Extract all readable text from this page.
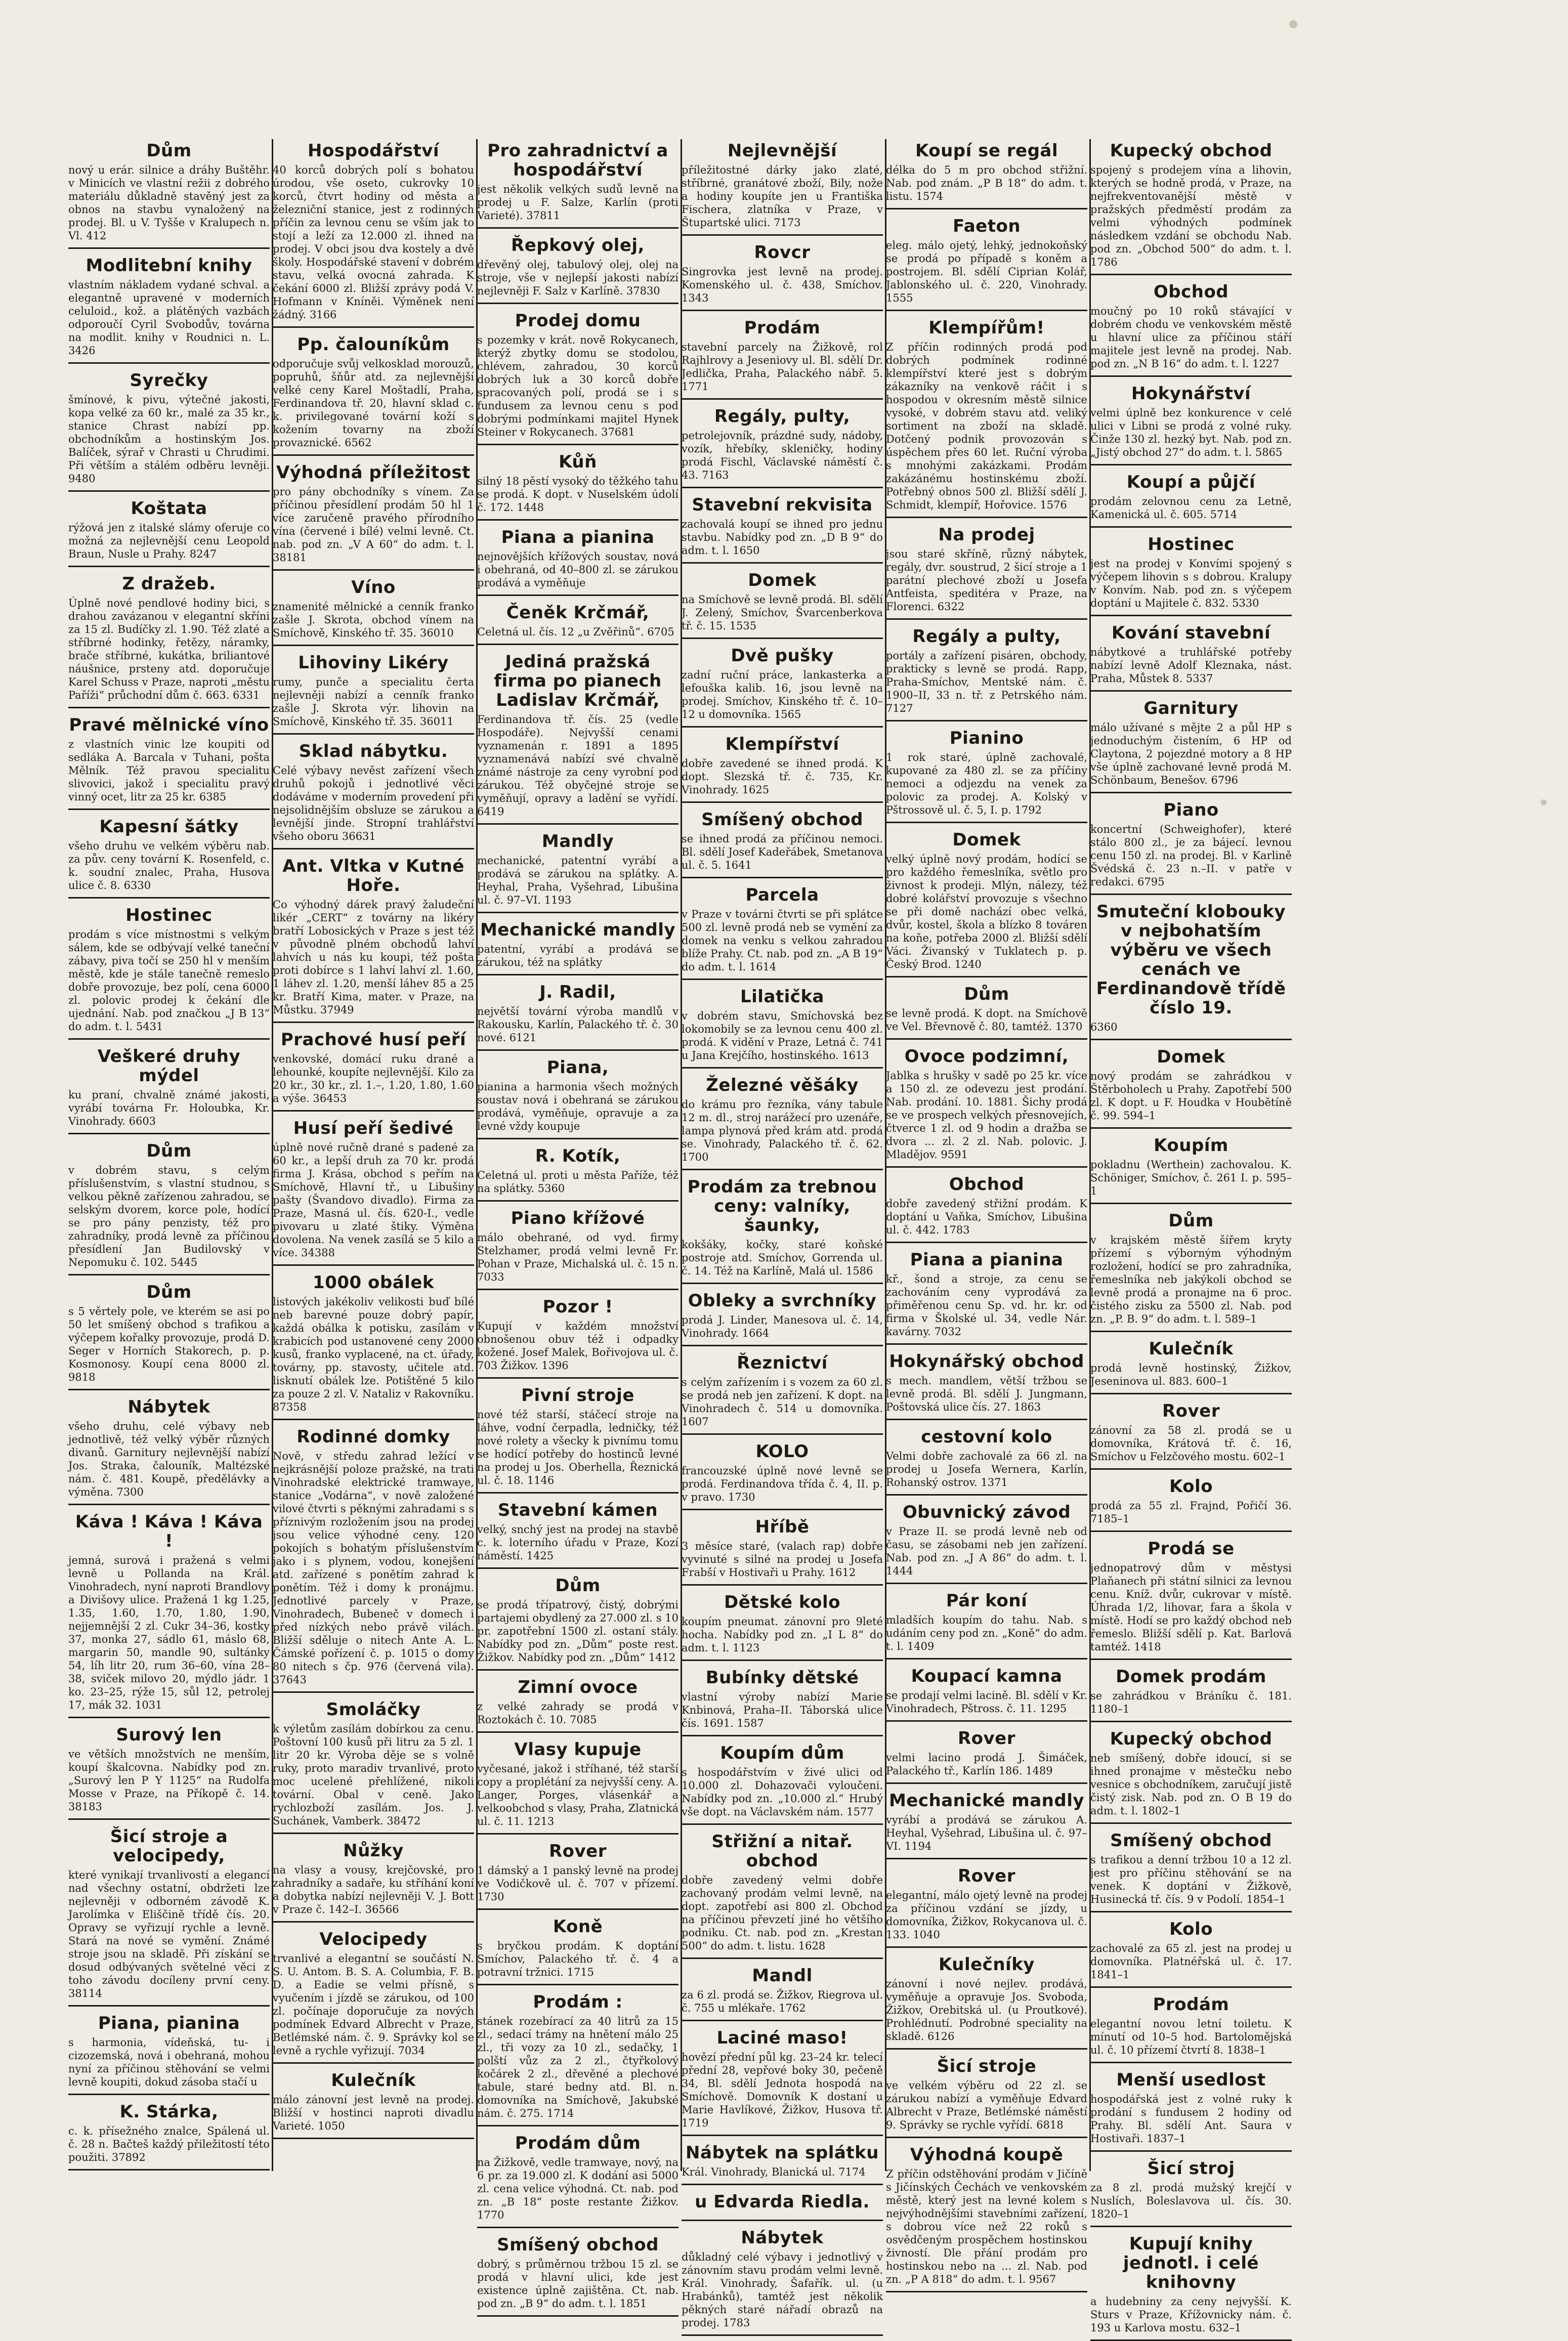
Dům

nový u erár. silnice a dráhy Buštěhr. v Minicích ve vlastní režii z dobrého materiálu důkladně stavěný jest za obnos na stavbu vynaložený na prodej. Bl. u V. Tyšše v Kralupech n. Vl. 412

Modlitební knihy

vlastním nákladem vydané schval. a elegantně upravené v moderních celuloid., kož. a plátěných vazbách odporoučí Cyril Svobodův, továrna na modlit. knihy v Roudnici n. L. 3426

Syrečky

šmínové, k pivu, výtečné jakosti, kopa velké za 60 kr., malé za 35 kr., stanice Chrast nabízí pp. obchodníkům a hostinským Jos. Balíček, sýrař v Chrasti u Chrudimi. Při větším a stálém odběru levněji. 9480

Koštata

rýžová jen z italské slámy oferuje co možná za nejlevnější cenu Leopold Braun, Nusle u Prahy. 8247

Z dražeb.

Úplně nové pendlové hodiny bici, s drahou zavázanou v elegantní skříni za 15 zl. Budíčky zl. 1.90. Též zlaté a stříbrné hodinky, řetězy, náramky, brače stříbrné, kukátka, briliantové náušnice, prsteny atd. doporučuje Karel Schuss v Praze, naproti „městu Paříži“ průchodní dům č. 663. 6331

Pravé mělnické víno

z vlastních vinic lze koupiti od sedláka A. Barcala v Tuhani, pošta Mělník. Též pravou specialitu slivovici, jakož i specialitu pravý vinný ocet, litr za 25 kr. 6385

Kapesní šátky

všeho druhu ve velkém výběru nab. za pův. ceny tovární K. Rosenfeld, c. k. soudní znalec, Praha, Husova ulice č. 8. 6330

Hostinec

prodám s více místnostmi s velkým sálem, kde se odbývají velké taneční zábavy, piva točí se 250 hl v menším městě, kde je stále tanečně remeslo dobře provozuje, bez polí, cena 6000 zl. polovic prodej k čekání dle ujednání. Nab. pod značkou „J B 13“ do adm. t. l. 5431

Veškeré druhy mýdel

ku praní, chvalně známé jakosti, vyrábí továrna Fr. Holoubka, Kr. Vinohrady. 6603

Dům

v dobrém stavu, s celým příslušenstvím, s vlastní studnou, s velkou pěkně zařízenou zahradou, se selským dvorem, korce pole, hodící se pro pány penzisty, též pro zahradníky, prodá levně za příčinou přesídlení Jan Budilovský v Nepomuku č. 102. 5445

Dům

s 5 věrtely pole, ve kterém se asi po 50 let smíšený obchod s trafikou a výčepem kořalky provozuje, prodá D. Seger v Horních Stakorech, p. p. Kosmonosy. Koupí cena 8000 zl. 9818

Nábytek

všeho druhu, celé výbavy neb jednotlivě, též velký výběr různých divanů. Garnitury nejlevnější nabízí Jos. Straka, čalouník, Maltézské nám. č. 481. Koupě, předělávky a výměna. 7300

Káva ! Káva ! Káva !

jemná, surová i pražená s velmi levně u Pollanda na Král. Vinohradech, nyní naproti Brandlovy a Divišovy ulice. Pražená 1 kg 1.25, 1.35, 1.60, 1.70, 1.80, 1.90, nejjemnější 2 zl. Cukr 34–36, kostky 37, monka 27, sádlo 61, máslo 68, margarin 50, mandle 90, sultánky 54, líh litr 20, rum 36–60, vína 28–38, sviček milovo 20, mýdlo jádr. 1 ko. 23–25, rýže 15, sůl 12, petrolej 17, mák 32. 1031

Surový len

ve větších množstvích ne menším, koupí škalcovna. Nabídky pod zn. „Surový len P Y 1125“ na Rudolfa Mosse v Praze, na Příkopě č. 14. 38183

Šicí stroje a velocipedy,

které vynikají trvanlivostí a elegancí nad všechny ostatní, obdržeti lze nejlevněji v odborném závodě K. Jarolímka v Eliščině třídě čís. 20. Opravy se vyřizují rychle a levně. Stará na nové se vymění. Známé stroje jsou na skladě. Při získání se dosud odbývaných světelné věci z toho závodu docíleny první ceny. 38114

Piana, pianina

s harmonia, vídeňská, tu- i cizozemská, nová i obehraná, mohou nyní za příčinou stěhování se velmi levně koupiti, dokud zásoba stačí u

K. Stárka,

c. k. přísežného znalce, Spálená ul. č. 28 n. Bačteš každý přiležitostí této použiti. 37892

Hospodářství

40 korců dobrých polí s bohatou úrodou, vše oseto, cukrovky 10 korců, čtvrt hodiny od města a železniční stanice, jest z rodinných příčin za levnou cenu se vším jak to stojí a leží za 12.000 zl. ihned na prodej. V obci jsou dva kostely a dvě školy. Hospodářské stavení v dobrém stavu, velká ovocná zahrada. K čekání 6000 zl. Bližší zprávy podá V. Hofmann v Kníněi. Výměnek není žádný. 3166

Pp. čalouníkům

odporučuje svůj velkosklad morouzů, popruhů, šňůr atd. za nejlevnější velké ceny Karel Moštadlí, Praha, Ferdinandova tř. 20, hlavní sklad c. k. privilegované tovární koží s kožením tovarny na zboží provaznické. 6562

Výhodná příležitost

pro pány obchodníky s vínem. Za příčinou přesídlení prodám 50 hl 1 více zaručeně pravého přírodního vína (červené i bílé) velmi levně. Ct. nab. pod zn. „V A 60“ do adm. t. l. 38181

Víno

znamenité mělnické a cenník franko zašle J. Skrota, obchod vínem na Smíchově, Kinského tř. 35. 36010

Lihoviny Likéry

rumy, punče a specialitu čerta nejlevněji nabízí a cenník franko zašle J. Skrota výr. lihovin na Smíchově, Kinského tř. 35. 36011

Sklad nábytku.

Celé výbavy nevěst zařízení všech druhů pokojů i jednotlivé věci dodáváme v moderním provedení při nejsolidnějším obsluze se zárukou a levnější jinde. Stropní trahlářství všeho oboru 36631

Ant. Vltka v Kutné Hoře.

Co výhodný dárek pravý žaludeční likér „CERT“ z továrny na likéry bratří Lobosických v Praze s jest též v původně plném obchodů lahví lahvích u nás ku koupi, též pošta proti dobírce s 1 lahví lahví zl. 1.60, 1 láhev zl. 1.20, menší láhev 85 a 25 kr. Bratří Kima, mater. v Praze, na Můstku. 37949

Prachové husí peří

venkovské, domácí ruku drané a lehounké, koupíte nejlevnější. Kilo za 20 kr., 30 kr., zl. 1.–, 1.20, 1.80, 1.60 a výše. 36453

Husí peří šedivé

úplně nové ručně drané s padené za 60 kr., a lepší druh za 70 kr. prodá firma J. Krása, obchod s peřím na Smíchově, Hlavní tř., u Libušiny pašty (Švandovo divadlo). Firma za Praze, Masná ul. čís. 620-I., vedle pivovaru u zlaté štiky. Výměna dovolena. Na venek zasílá se 5 kilo a více. 34388

1000 obálek

listových jakékoliv velikosti buď bílé neb barevné pouze dobrý papír, každá obálka k potisku, zasílám v krabicích pod ustanovené ceny 2000 kusů, franko vyplacené, na ct. úřady, továrny, pp. stavosty, učitele atd. lisknutí obálek lze. Potištěné 5 kilo za pouze 2 zl. V. Nataliz v Rakovníku. 87358

Rodinné domky

Nově, v středu zahrad ležící v nejkrásnější poloze pražské, na trati Vinohradské elektrické tramwaye, stanice „Vodárna“, v nově založené vilové čtvrti s pěknými zahradami s s příznivým rozložením jsou na prodej jsou velice výhodné ceny. 120 pokojích s bohatým příslušenstvím jako i s plynem, vodou, konejšení atd. zařízené s ponětím zahrad k ponětím. Též i domy k pronájmu. Jednotlivé parcely v Praze, Vinohradech, Bubeneč v domech i před nízkých nebo právě vilách. Bližší sděluje o nitech Ante A. L. Čámské pořízení č. p. 1015 o domy 80 nitech s čp. 976 (červená vila). 37643

Smoláčky

k výletům zasílám dobírkou za cenu. Poštovní 100 kusů při litru za 5 zl. 1 litr 20 kr. Výroba děje se s volně ruky, proto maradiv trvanlivé, proto moc ucelené přehlížené, nikoli tovární. Obal v ceně. Jako rychlozboží zasílám. Jos. J. Suchánek, Vamberk. 38472

Nůžky

na vlasy a vousy, krejčovské, pro zahradníky a sadaře, ku stříhání koní a dobytka nabízí nejlevněji V. J. Bott v Praze č. 142–I. 36566

Velocipedy

trvanlivé a elegantní se součástí N. S. U. Antom. B. S. A. Columbia, F. B. D. a Eadie se velmi přísně, s vyučením i jízdě se zárukou, od 100 zl. počínaje doporučuje za nových podmínek Edvard Albrecht v Praze, Betlémské nám. č. 9. Správky kol se levně a rychle vyřizují. 7034

Kulečník

málo zánovní jest levně na prodej. Bližší v hostinci naproti divadlu Varieté. 1050

Pro zahradnictví a hospodářství

jest několik velkých sudů levně na prodej u F. Salze, Karlín (proti Varieté). 37811

Řepkový olej,

dřevěný olej, tabulový olej, olej na stroje, vše v nejlepší jakosti nabízí nejlevněji F. Salz v Karlíně. 37830

Prodej domu

s pozemky v krát. nově Rokycanech, kterýž zbytky domu se stodolou, chlévem, zahradou, 30 korců dobrých luk a 30 korců dobře spracovaných polí, prodá se i s fundusem za levnou cenu s pod dobrými podmínkami majitel Hynek Steiner v Rokycanech. 37681

Kůň

silný 18 pěstí vysoký do těžkého tahu se prodá. K dopt. v Nuselském údolí č. 172. 1448

Piana a pianina

nejnovějších křížových soustav, nová i obehraná, od 40–800 zl. se zárukou prodává a vyměňuje

Čeněk Krčmář,

Celetná ul. čís. 12 „u Zvěřinů“. 6705

Jediná pražská firma po pianech Ladislav Krčmář,

Ferdinandova tř. čís. 25 (vedle Hospodáře). Nejvyšší cenami vyznamenán r. 1891 a 1895 vyznamenává nabízí své chvalně známé nástroje za ceny vyrobní pod zárukou. Též obyčejné stroje se vyměňují, opravy a ladění se vyřídí. 6419

Mandly

mechanické, patentní vyrábí a prodává se zárukou na splátky. A. Heyhal, Praha, Vyšehrad, Libušina ul. č. 97–VI. 1193

Mechanické mandly

patentní, vyrábí a prodává se zárukou, též na splátky

J. Radil,

největší tovární výroba mandlů v Rakousku, Karlín, Palackého tř. č. 30 nové. 6121

Piana,

pianina a harmonia všech možných soustav nová i obehraná se zárukou prodává, vyměňuje, opravuje a za levné vždy koupuje

R. Kotík,

Celetná ul. proti u města Paříže, též na splátky. 5360

Piano křížové

málo obehrané, od vyd. firmy Stelzhamer, prodá velmi levně Fr. Pohan v Praze, Michalská ul. č. 15 n. 7033

Pozor !

Kupují v každém množství obnošenou obuv též i odpadky kožené. Josef Malek, Bořivojova ul. č. 703 Žižkov. 1396

Pivní stroje

nové též starší, stáčecí stroje na láhve, vodní čerpadla, ledničky, též nové rolety a všecky k pivnímu tomu se hodící potřeby do hostinců levné na prodej u Jos. Oberhella, Řeznická ul. č. 18. 1146

Stavební kámen

velký, snchý jest na prodej na stavbě c. k. loterního úřadu v Praze, Kozí náměstí. 1425

Dům

se prodá třípatrový, čistý, dobrými partajemi obydlený za 27.000 zl. s 10 pr. zapotřební 1500 zl. ostaní stály. Nabídky pod zn. „Dům“ poste rest. Žižkov. Nabídky pod zn. „Dům“ 1412

Zimní ovoce

z velké zahrady se prodá v Roztokách č. 10. 7085

Vlasy kupuje

vyčesané, jakož i stříhané, též starší copy a proplétání za nejvyšší ceny. A. Langer, Porges, vlásenkář a velkoobchod s vlasy, Praha, Zlatnická ul. č. 11. 1213

Rover

1 dámský a 1 panský levně na prodej ve Vodičkově ul. č. 707 v přízemí. 1730

Koně

s bryčkou prodám. K doptání Smíchov, Palackého tř. č. 4 a potravní tržnici. 1715

Prodám :

stánek rozebírací za 40 litrů za 15 zl., sedací trámy na hnětení málo 25 zl., tři vozy za 10 zl., sedačky, 1 polští vůz za 2 zl., čtyřkolový kočárek 2 zl., dřevěné a plechové tabule, staré bedny atd. Bl. n. domovníka na Smíchově, Jakubské nám. č. 275. 1714

Prodám dům

na Žižkově, vedle tramwaye, nový, na 6 pr. za 19.000 zl. K dodání asi 5000 zl. cena velice výhodná. Ct. nab. pod zn. „B 18“ poste restante Žižkov. 1770

Smíšený obchod

dobrý, s průměrnou tržbou 15 zl. se prodá v hlavní ulici, kde jest existence úplně zajištěna. Ct. nab. pod zn. „B 9“ do adm. t. l. 1851

Nejlevnější

příležitostné dárky jako zlaté, stříbrné, granátové zboží, Bily, nože a hodiny koupíte jen u Františka Fischera, zlatníka v Praze, v Štupartské ulici. 7173

Rovcr

Singrovka jest levně na prodej. Komenského ul. č. 438, Smíchov. 1343

Prodám

stavební parcely na Žižkově, rol Rajhlrovy a Jeseniovy ul. Bl. sdělí Dr. Jedlička, Praha, Palackého nábř. 5. 1771

Regály, pulty,

petrolejovník, prázdné sudy, nádoby, vozík, hřebíky, skleničky, hodiny prodá Fischl, Václavské náměstí č. 43. 7163

Stavební rekvisita

zachovalá koupí se ihned pro jednu stavbu. Nabídky pod zn. „D B 9“ do adm. t. l. 1650

Domek

na Smíchově se levně prodá. Bl. sdělí J. Zelený, Smíchov, Švarcenberkova tř. č. 15. 1535

Dvě pušky

zadní ruční práce, lankasterka a lefouška kalib. 16, jsou levně na prodej. Smíchov, Kinského tř. č. 10–12 u domovníka. 1565

Klempířství

dobře zavedené se ihned prodá. K dopt. Slezská tř. č. 735, Kr. Vinohrady. 1625

Smíšený obchod

se ihned prodá za příčinou nemoci. Bl. sdělí Josef Kadeřábek, Smetanova ul. č. 5. 1641

Parcela

v Praze v továrni čtvrti se při splátce 500 zl. levně prodá neb se vymění za domek na venku s velkou zahradou blíže Prahy. Ct. nab. pod zn. „A B 19“ do adm. t. l. 1614

Lilatička

v dobrém stavu, Smíchovská bez lokomobily se za levnou cenu 400 zl. prodá. K vidění v Praze, Letná č. 741 u Jana Krejčího, hostinského. 1613

Železné věšáky

do krámu pro řezníka, vány tabule 12 m. dl., stroj narážecí pro uzenáře, lampa plynová před krám atd. prodá se. Vinohrady, Palackého tř. č. 62. 1700

Prodám za trebnou ceny: valníky, šaunky,

kokšáky, kočky, staré koňské postroje atd. Smíchov, Gorrenda ul. č. 14. Též na Karlíně, Malá ul. 1586

Obleky a svrchníky

prodá J. Linder, Manesova ul. č. 14, Vinohrady. 1664

Řeznictví

s celým zařízením i s vozem za 60 zl. se prodá neb jen zařízení. K dopt. na Vinohradech č. 514 u domovníka. 1607

KOLO

francouzské úplně nové levně se prodá. Ferdinandova třída č. 4, II. p. v pravo. 1730

Hříbě

3 měsíce staré, (valach rap) dobře vyvinuté s silné na prodej u Josefa Frabší v Hostivaři u Prahy. 1612

Dětské kolo

koupím pneumat. zánovní pro 9leté hocha. Nabídky pod zn. „I L 8“ do adm. t. l. 1123

Bubínky dětské

vlastní výroby nabízí Marie Knbinová, Praha–II. Táborská ulice čís. 1691. 1587

Koupím dům

s hospodářstvím v živé ulici od 10.000 zl. Dohazovači vyloučeni. Nabídky pod zn. „10.000 zl.“ Hrubý vše dopt. na Václavském nám. 1577

Střižní a nitař. obchod

dobře zavedený velmi dobře zachovaný prodám velmi levně, na dopt. zapotřebí asi 800 zl. Obchod na příčinou převzetí jiné ho většího podniku. Ct. nab. pod zn. „Krestan 500“ do adm. t. listu. 1628

Mandl

za 6 zl. prodá se. Žižkov, Riegrova ul. č. 755 u mlékaře. 1762

Laciné maso!

hovězí přední půl kg. 23–24 kr. telecí přední 28, vepřové boky 30, pečeně 34, Bl. sdělí Jednota hospodá na Smíchově. Domovník K dostaní u Marie Havlíkové, Žižkov, Husova tř. 1719

Nábytek na splátku

Král. Vinohrady, Blanická ul. 7174

u Edvarda Riedla.
Nábytek

důkladný celé výbavy i jednotlivý v zánovním stavu prodám velmi levně. Král. Vinohrady, Šafařík. ul. (u Hrabánků), tamtéž jest několik pěkných staré nářadí obrazů na prodej. 1783

Koupí se regál

délka do 5 m pro obchod střižní. Nab. pod znám. „P B 18“ do adm. t. listu. 1574

Faeton

eleg. málo ojetý, lehký, jednokoňský se prodá po případě s koněm a postrojem. Bl. sdělí Ciprian Kolář, Jablonského ul. č. 220, Vinohrady. 1555

Klempířům!

Z příčin rodinných prodá pod dobrých podmínek rodinné klempířství které jest s dobrým zákazníky na venkově ráčit i s hospodou v okresním městě silnice vysoké, v dobrém stavu atd. veliký sortiment na zboží na skladě. Dotčený podnik provozován s úspěchem přes 60 let. Ruční výroba s mnohými zakázkami. Prodám zakázánému hostinskému zboží. Potřebný obnos 500 zl. Bližší sdělí J. Schmidt, klempíř, Hořovice. 1576

Na prodej

jsou staré skříně, různý nábytek, regály, dvr. soustrud, 2 šicí stroje a 1 parátní plechové zboží u Josefa Antfeista, speditéra v Praze, na Florenci. 6322

Regály a pulty,

portály a zařízení pisáren, obchody, prakticky s levně se prodá. Rapp, Praha-Smíchov, Mentské nám. č. 1900–II, 33 n. tř. z Petrského nám. 7127

Pianino

1 rok staré, úplně zachovalé, kupované za 480 zl. se za příčiny nemoci a odjezdu na venek za polovic za prodej. A. Kolský v Pštrossově ul. č. 5, I. p. 1792

Domek

velký úplně nový prodám, hodící se pro každého řemeslníka, světlo pro živnost k prodeji. Mlýn, nálezy, též dobré kolářství provozuje s všechno se při domě nachází obec velká, dvůr, kostel, škola a blízko 8 továren na koňe, potřeba 2000 zl. Bližší sdělí Váci. Živanský v Tuklatech p. p. Český Brod. 1240

Dům

se levně prodá. K dopt. na Smíchově ve Vel. Břevnově č. 80, tamtéž. 1370

Ovoce podzimní,

Jablka s hrušky v sadě po 25 kr. více a 150 zl. ze odevezu jest prodání. Nab. prodání. 10. 1881. Šichy prodá se ve prospech velkých přesnovejích, čtverce 1 zl. od 9 hodin a dražba se dvora ... zl. 2 zl. Nab. polovic. J. Mladějov. 9591

Obchod

dobře zavedený střižní prodám. K doptání u Vaňka, Smíchov, Libušina ul. č. 442. 1783

Piana a pianina

kř., šond a stroje, za cenu se zachováním ceny vyprodává za přiměřenou cenu Sp. vd. hr. kr. od firma v Školské ul. 34, vedle Nár. kavárny. 7032

Hokynářský obchod

s mech. mandlem, větší tržbou se levně prodá. Bl. sdělí J. Jungmann, Poštovská ulice čís. 27. 1863

cestovní kolo

Velmi dobře zachovalé za 66 zl. na prodej u Josefa Wernera, Karlín, Rohanský ostrov. 1371

Obuvnický závod

v Praze II. se prodá levně neb od času, se zásobami neb jen zařízení. Nab. pod zn. „J A 86“ do adm. t. l. 1444

Pár koní

mladších koupím do tahu. Nab. s udáním ceny pod zn. „Koně“ do adm. t. l. 1409

Koupací kamna

se prodají velmi lacině. Bl. sdělí v Kr. Vinohradech, Pštross. č. 11. 1295

Rover

velmi lacino prodá J. Šimáček, Palackého tř., Karlín 186. 1489

Mechanické mandly

vyrábí a prodává se zárukou A. Heyhal, Vyšehrad, Libušina ul. č. 97–VI. 1194

Rover

elegantní, málo ojetý levně na prodej za příčinou vzdání se jízdy, u domovníka, Žižkov, Rokycanova ul. č. 133. 1040

Kulečníky

zánovní i nové nejlev. prodává, vyměňuje a opravuje Jos. Svoboda, Žižkov, Orebitská ul. (u Proutkové). Prohlédnutí. Podrobné speciality na skladě. 6126

Šicí stroje

ve velkém výběru od 22 zl. se zárukou nabízí a vyměňuje Edvard Albrecht v Praze, Betlémské náměstí 9. Správky se rychle vyřídí. 6818

Výhodná koupě

Z příčin odstěhování prodám v Jičíně s Jičínských Čechách ve venkovském městě, který jest na levné kolem s nejvýhodnějšími stavebními zařízení, s dobrou více než 22 roků s osvědčeným prospěchem hostinskou živností. Dle přání prodám pro hostinskou nebo na ... zl. Nab. pod zn. „P A 818“ do adm. t. l. 9567

Kupecký obchod

spojený s prodejem vína a lihovin, kterých se hodně prodá, v Praze, na nejfrekventovanější městě v pražských předměstí prodám za velmi výhodných podmínek následkem vzdání se obchodu Nab. pod zn. „Obchod 500“ do adm. t. l. 1786

Obchod

moučný po 10 roků stávající v dobrém chodu ve venkovském městě u hlavní ulice za příčinou stáří majitele jest levně na prodej. Nab. pod zn. „N B 16“ do adm. t. l. 1227

Hokynářství

velmi úplně bez konkurence v celé ulici v Libni se prodá z volné ruky. Činže 130 zl. hezký byt. Nab. pod zn. „Jistý obchod 27“ do adm. t. l. 5865

Koupí a půjčí

prodám zelovnou cenu za Letně, Kamenická ul. č. 605. 5714

Hostinec

jest na prodej v Konvími spojený s výčepem lihovin s s dobrou. Kralupy v Konvím. Nab. pod zn. s výčepem doptání u Majitele č. 832. 5330

Kování stavební

nábytkové a truhlářské potřeby nabízí levně Adolf Kleznaka, nást. Praha, Můstek 8. 5337

Garnitury

málo užívané s mějte 2 a půl HP s jednoduchým čistením, 6 HP od Claytona, 2 pojezdné motory a 8 HP vše úplně zachované levně prodá M. Schönbaum, Benešov. 6796

Piano

koncertní (Schweighofer), které stálo 800 zl., je za bájecí. levnou cenu 150 zl. na prodej. Bl. v Karlině Švédská č. 23 n.–II. v patře v redakci. 6795

Smuteční klobouky v nejbohatším výběru ve všech cenách ve Ferdinandově třídě číslo 19.

6360

Domek

nový prodám se zahrádkou v Štěrboholech u Prahy. Zapotřebí 500 zl. K dopt. u F. Houdka v Houbětíně č. 99. 594–1

Koupím

pokladnu (Werthein) zachovalou. K. Schöniger, Smíchov, č. 261 I. p. 595–1

Dům

v krajském městě šířem kryty přízemí s výborným výhodným rozložení, hodící se pro zahradníka, řemeslníka neb jakýkoli obchod se levně prodá a pronajme na 6 proc. čistého zisku za 5500 zl. Nab. pod zn. „P. B. 9“ do adm. t. l. 589–1

Kulečník

prodá levně hostinský, Žižkov, Jeseninova ul. 883. 600–1

Rover

zánovní za 58 zl. prodá se u domovníka, Krátová tř. č. 16, Smíchov u Felzčového mostu. 602–1

Kolo

prodá za 55 zl. Frajnd, Pořičí 36. 7185–1

Prodá se

jednopatrový dům v městysi Plaňanech při státní silnici za levnou cenu. Kníž. dvůr, cukrovar v místě. Úhrada 1/2, lihovar, fara a škola v místě. Hodí se pro každý obchod neb řemeslo. Bližší sdělí p. Kat. Barlová tamtéž. 1418

Domek prodám

se zahrádkou v Bráníku č. 181. 1180–1

Kupecký obchod

neb smíšený, dobře idoucí, si se ihned pronajme v městečku nebo vesnice s obchodníkem, zaručují jistě čistý zisk. Nab. pod zn. O B 19 do adm. t. l. 1802–1

Smíšený obchod

s trafikou a denní tržbou 10 a 12 zl. jest pro příčinu stěhování se na venek. K doptání v Žižkově, Husinecká tř. čís. 9 v Podolí. 1854–1

Kolo

zachovalé za 65 zl. jest na prodej u domovníka. Platnéřská ul. č. 17. 1841–1

Prodám

elegantní novou letní toiletu. K mínutí od 10–5 hod. Bartolomějská ul. č. 10 přízemí čtvrtí 8. 1838–1

Menší usedlost

hospodářská jest z volné ruky k prodání s fundusem 2 hodiny od Prahy. Bl. sdělí Ant. Saura v Hostivaři. 1837–1

Šicí stroj

za 8 zl. prodá mužský krejčí v Nuslích, Boleslavova ul. čís. 30. 1820–1

Kupují knihy jednotl. i celé knihovny

a hudebniny za ceny nejvyšší. K. Sturs v Praze, Křížovnicky nám. č. 193 u Karlova mostu. 632–1
